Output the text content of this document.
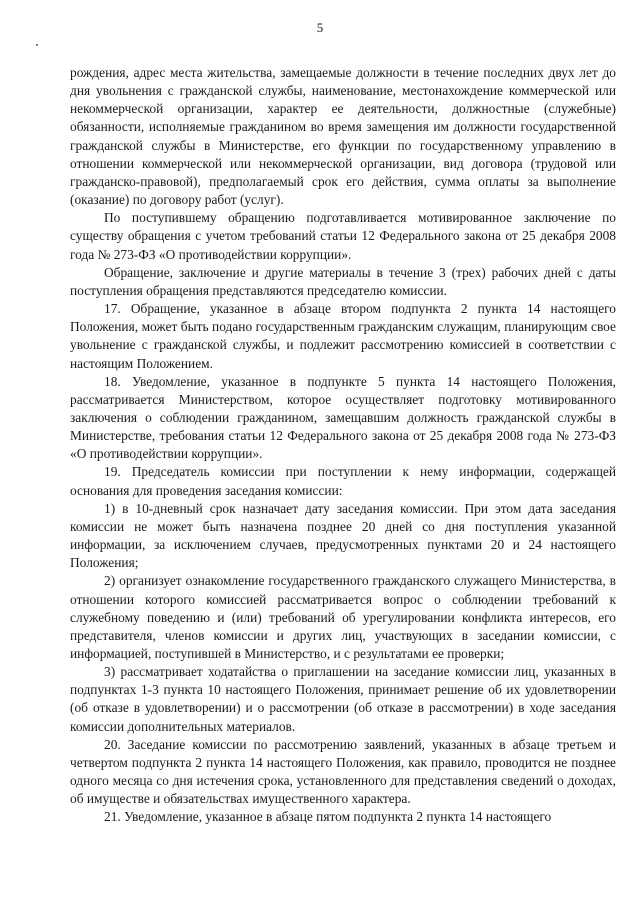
5

рождения, адрес места жительства, замещаемые должности в течение последних двух лет до дня увольнения с гражданской службы, наименование, местонахождение коммерческой или некоммерческой организации, характер ее деятельности, должностные (служебные) обязанности, исполняемые гражданином во время замещения им должности государственной гражданской службы в Министерстве, его функции по государственному управлению в отношении коммерческой или некоммерческой организации, вид договора (трудовой или гражданско-правовой), предполагаемый срок его действия, сумма оплаты за выполнение (оказание) по договору работ (услуг).

По поступившему обращению подготавливается мотивированное заключение по существу обращения с учетом требований статьи 12 Федерального закона от 25 декабря 2008 года № 273-ФЗ «О противодействии коррупции».

Обращение, заключение и другие материалы в течение 3 (трех) рабочих дней с даты поступления обращения представляются председателю комиссии.

17. Обращение, указанное в абзаце втором подпункта 2 пункта 14 настоящего Положения, может быть подано государственным гражданским служащим, планирующим свое увольнение с гражданской службы, и подлежит рассмотрению комиссией в соответствии с настоящим Положением.

18. Уведомление, указанное в подпункте 5 пункта 14 настоящего Положения, рассматривается Министерством, которое осуществляет подготовку мотивированного заключения о соблюдении гражданином, замещавшим должность гражданской службы в Министерстве, требования статьи 12 Федерального закона от 25 декабря 2008 года № 273-ФЗ «О противодействии коррупции».

19. Председатель комиссии при поступлении к нему информации, содержащей основания для проведения заседания комиссии:

1) в 10-дневный срок назначает дату заседания комиссии. При этом дата заседания комиссии не может быть назначена позднее 20 дней со дня поступления указанной информации, за исключением случаев, предусмотренных пунктами 20 и 24 настоящего Положения;

2) организует ознакомление государственного гражданского служащего Министерства, в отношении которого комиссией рассматривается вопрос о соблюдении требований к служебному поведению и (или) требований об урегулировании конфликта интересов, его представителя, членов комиссии и других лиц, участвующих в заседании комиссии, с информацией, поступившей в Министерство, и с результатами ее проверки;

3) рассматривает ходатайства о приглашении на заседание комиссии лиц, указанных в подпунктах 1-3 пункта 10 настоящего Положения, принимает решение об их удовлетворении (об отказе в удовлетворении) и о рассмотрении (об отказе в рассмотрении) в ходе заседания комиссии дополнительных материалов.

20. Заседание комиссии по рассмотрению заявлений, указанных в абзаце третьем и четвертом подпункта 2 пункта 14 настоящего Положения, как правило, проводится не позднее одного месяца со дня истечения срока, установленного для представления сведений о доходах, об имуществе и обязательствах имущественного характера.

21. Уведомление, указанное в абзаце пятом подпункта 2 пункта 14 настоящего
